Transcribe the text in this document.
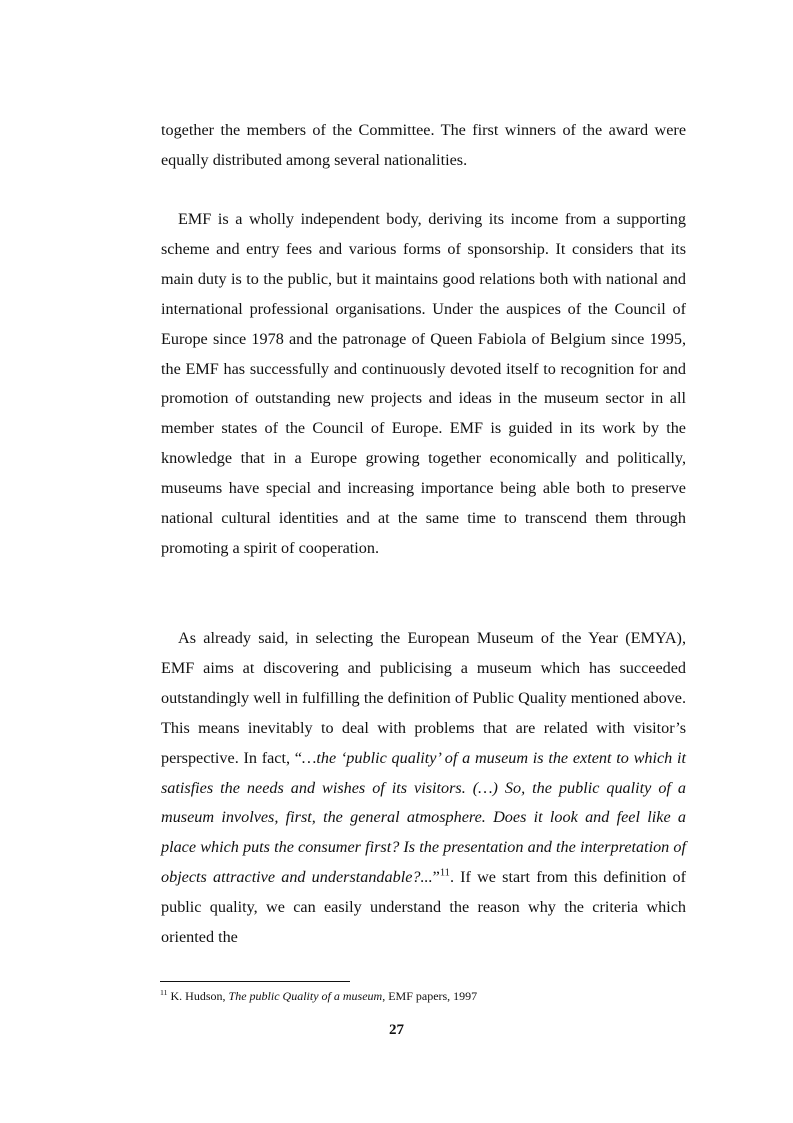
together the members of the Committee. The first winners of the award were equally distributed among several nationalities.

EMF is a wholly independent body, deriving its income from a supporting scheme and entry fees and various forms of sponsorship. It considers that its main duty is to the public, but it maintains good relations both with national and international professional organisations. Under the auspices of the Council of Europe since 1978 and the patronage of Queen Fabiola of Belgium since 1995, the EMF has successfully and continuously devoted itself to recognition for and promotion of outstanding new projects and ideas in the museum sector in all member states of the Council of Europe. EMF is guided in its work by the knowledge that in a Europe growing together economically and politically, museums have special and increasing importance being able both to preserve national cultural identities and at the same time to transcend them through promoting a spirit of cooperation.

As already said, in selecting the European Museum of the Year (EMYA), EMF aims at discovering and publicising a museum which has succeeded outstandingly well in fulfilling the definition of Public Quality mentioned above. This means inevitably to deal with problems that are related with visitor’s perspective. In fact, “…the ‘public quality’ of a museum is the extent to which it satisfies the needs and wishes of its visitors. (…) So, the public quality of a museum involves, first, the general atmosphere. Does it look and feel like a place which puts the consumer first? Is the presentation and the interpretation of objects attractive and understandable?...”$^{11}$. If we start from this definition of public quality, we can easily understand the reason why the criteria which oriented the

$^{11}$ K. Hudson, The public Quality of a museum, EMF papers, 1997

27
